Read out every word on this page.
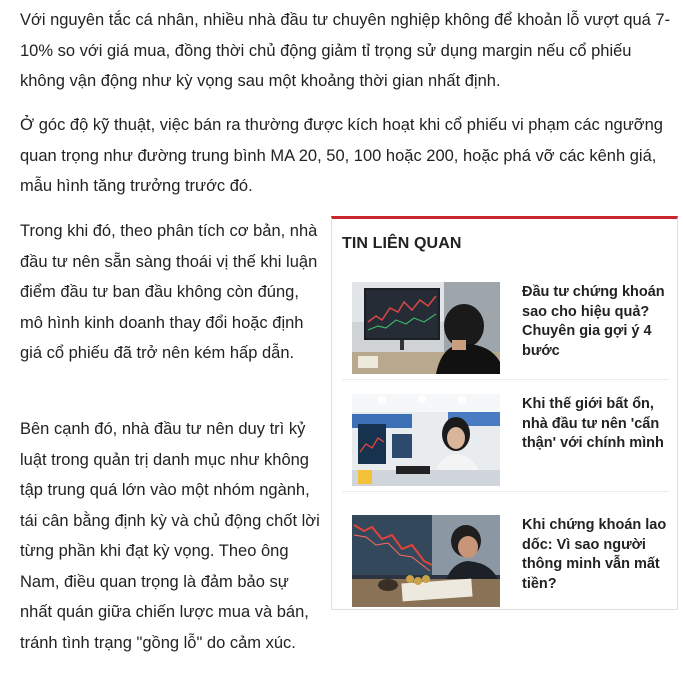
Với nguyên tắc cá nhân, nhiều nhà đầu tư chuyên nghiệp không để khoản lỗ vượt quá 7-10% so với giá mua, đồng thời chủ động giảm tỉ trọng sử dụng margin nếu cổ phiếu không vận động như kỳ vọng sau một khoảng thời gian nhất định.

Ở góc độ kỹ thuật, việc bán ra thường được kích hoạt khi cổ phiếu vi phạm các ngưỡng quan trọng như đường trung bình MA 20, 50, 100 hoặc 200, hoặc phá vỡ các kênh giá, mẫu hình tăng trưởng trước đó.

Trong khi đó, theo phân tích cơ bản, nhà đầu tư nên sẵn sàng thoái vị thế khi luận điểm đầu tư ban đầu không còn đúng, mô hình kinh doanh thay đổi hoặc định giá cổ phiếu đã trở nên kém hấp dẫn.

Bên cạnh đó, nhà đầu tư nên duy trì kỷ luật trong quản trị danh mục như không tập trung quá lớn vào một nhóm ngành, tái cân bằng định kỳ và chủ động chốt lời từng phần khi đạt kỳ vọng. Theo ông Nam, điều quan trọng là đảm bảo sự nhất quán giữa chiến lược mua và bán, tránh tình trạng "gồng lỗ" do cảm xúc.

TIN LIÊN QUAN
Đầu tư chứng khoán sao cho hiệu quả? Chuyên gia gợi ý 4 bước
Khi thế giới bất ổn, nhà đầu tư nên 'cẩn thận' với chính mình
Khi chứng khoán lao dốc: Vì sao người thông minh vẫn mất tiền?
